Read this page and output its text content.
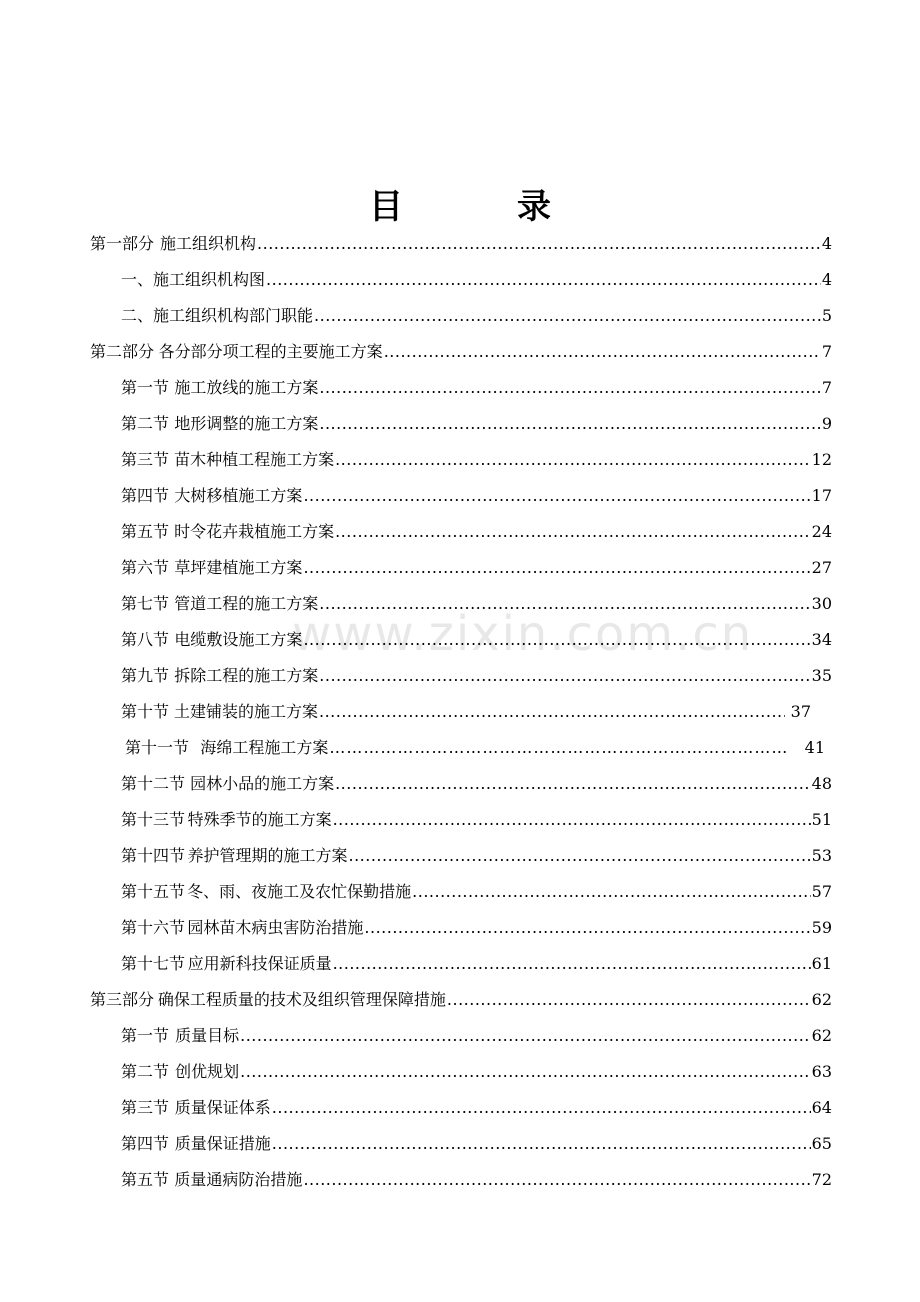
目　录
www.zixin.com.cn
第一部分 施工组织机构 .....	4
一、施工组织机构图 .....	4
二、施工组织机构部门职能 .....	5
第二部分 各分部分项工程的主要施工方案 .....	7
第一节 施工放线的施工方案 .....	7
第二节 地形调整的施工方案 .....	9
第三节 苗木种植工程施工方案 .....	12
第四节 大树移植施工方案 .....	17
第五节 时令花卉栽植施工方案 .....	24
第六节 草坪建植施工方案 .....	27
第七节 管道工程的施工方案 .....	30
第八节 电缆敷设施工方案 .....	34
第九节 拆除工程的施工方案 .....	35
第十节 土建铺装的施工方案 .....	37
第十一节 海绵工程施工方案 ………………………………………………………………………………………………………………………………	41
第十二节 园林小品的施工方案 .....	48
第十三节 特殊季节的施工方案 .....	51
第十四节 养护管理期的施工方案 .....	53
第十五节 冬、雨、夜施工及农忙保勤措施 .....	57
第十六节 园林苗木病虫害防治措施 .....	59
第十七节 应用新科技保证质量 .....	61
第三部分 确保工程质量的技术及组织管理保障措施 .....	62
第一节 质量目标 .....	62
第二节 创优规划 .....	63
第三节 质量保证体系 .....	64
第四节 质量保证措施 .....	65
第五节 质量通病防治措施 .....	72
